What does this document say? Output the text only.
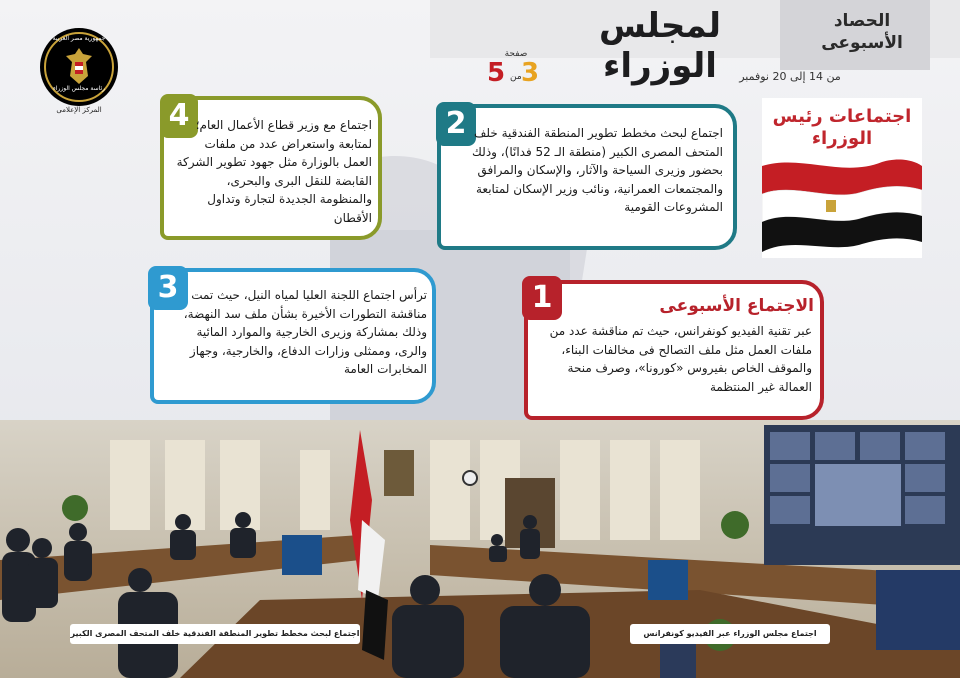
لمجلس الوزراء
الحصاد
الأسبوعى
من 14 إلى 20 نوفمبر
صفحة
5 من 3
جمهورية مصر العربية
رئاسة مجلس الوزراء
المركز الإعلامى	اجتماعات رئيس
الوزراء
1	الاجتماع الأسبوعى
عبر تقنية الفيديو كونفرانس، حيث تم مناقشة عدد من ملفات العمل مثل ملف التصالح فى مخالفات البناء، والموقف الخاص بفيروس «كورونا»، وصرف منحة العمالة غير المنتظمة
2 اجتماع لبحث مخطط تطوير المنطقة الفندقية خلف المتحف المصرى الكبير (منطقة الـ 52 فدانًا)، وذلك بحضور وزيرى السياحة والآثار، والإسكان والمرافق والمجتمعات العمرانية، ونائب وزير الإسكان لمتابعة المشروعات القومية
3	ترأس اجتماع اللجنة العليا لمياه النيل، حيث تمت مناقشة التطورات الأخيرة بشأن ملف سد النهضة، وذلك بمشاركة وزيرى الخارجية والموارد المائية والرى، وممثلى وزارات الدفاع، والخارجية، وجهاز المخابرات العامة
4 اجتماع مع وزير قطاع الأعمال العام؛ لمتابعة واستعراض عدد من ملفات العمل بالوزارة مثل جهود تطوير الشركة القابضة للنقل البرى والبحرى، والمنظومة الجديدة لتجارة وتداول الأقطان
اجتماع لبحث مخطط تطوير المنطقة الفندقية خلف المتحف المصرى الكبير	اجتماع مجلس الوزراء عبر الفيديو كونفرانس
